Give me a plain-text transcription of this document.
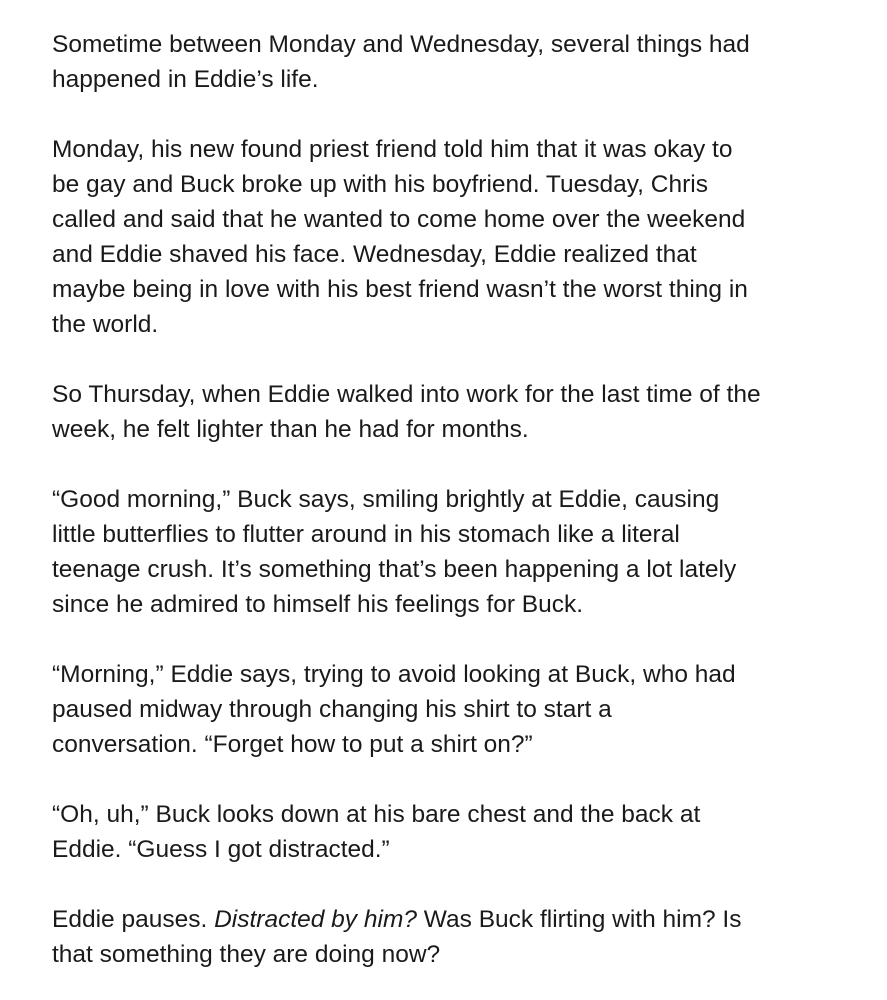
Sometime between Monday and Wednesday, several things had
happened in Eddie’s life.

Monday, his new found priest friend told him that it was okay to
be gay and Buck broke up with his boyfriend. Tuesday, Chris
called and said that he wanted to come home over the weekend
and Eddie shaved his face. Wednesday, Eddie realized that
maybe being in love with his best friend wasn’t the worst thing in
the world.

So Thursday, when Eddie walked into work for the last time of the
week, he felt lighter than he had for months.

“Good morning,” Buck says, smiling brightly at Eddie, causing
little butterflies to flutter around in his stomach like a literal
teenage crush. It’s something that’s been happening a lot lately
since he admired to himself his feelings for Buck.

“Morning,” Eddie says, trying to avoid looking at Buck, who had
paused midway through changing his shirt to start a
conversation. “Forget how to put a shirt on?”

“Oh, uh,” Buck looks down at his bare chest and the back at
Eddie. “Guess I got distracted.”

Eddie pauses. Distracted by him? Was Buck flirting with him? Is
that something they are doing now?
